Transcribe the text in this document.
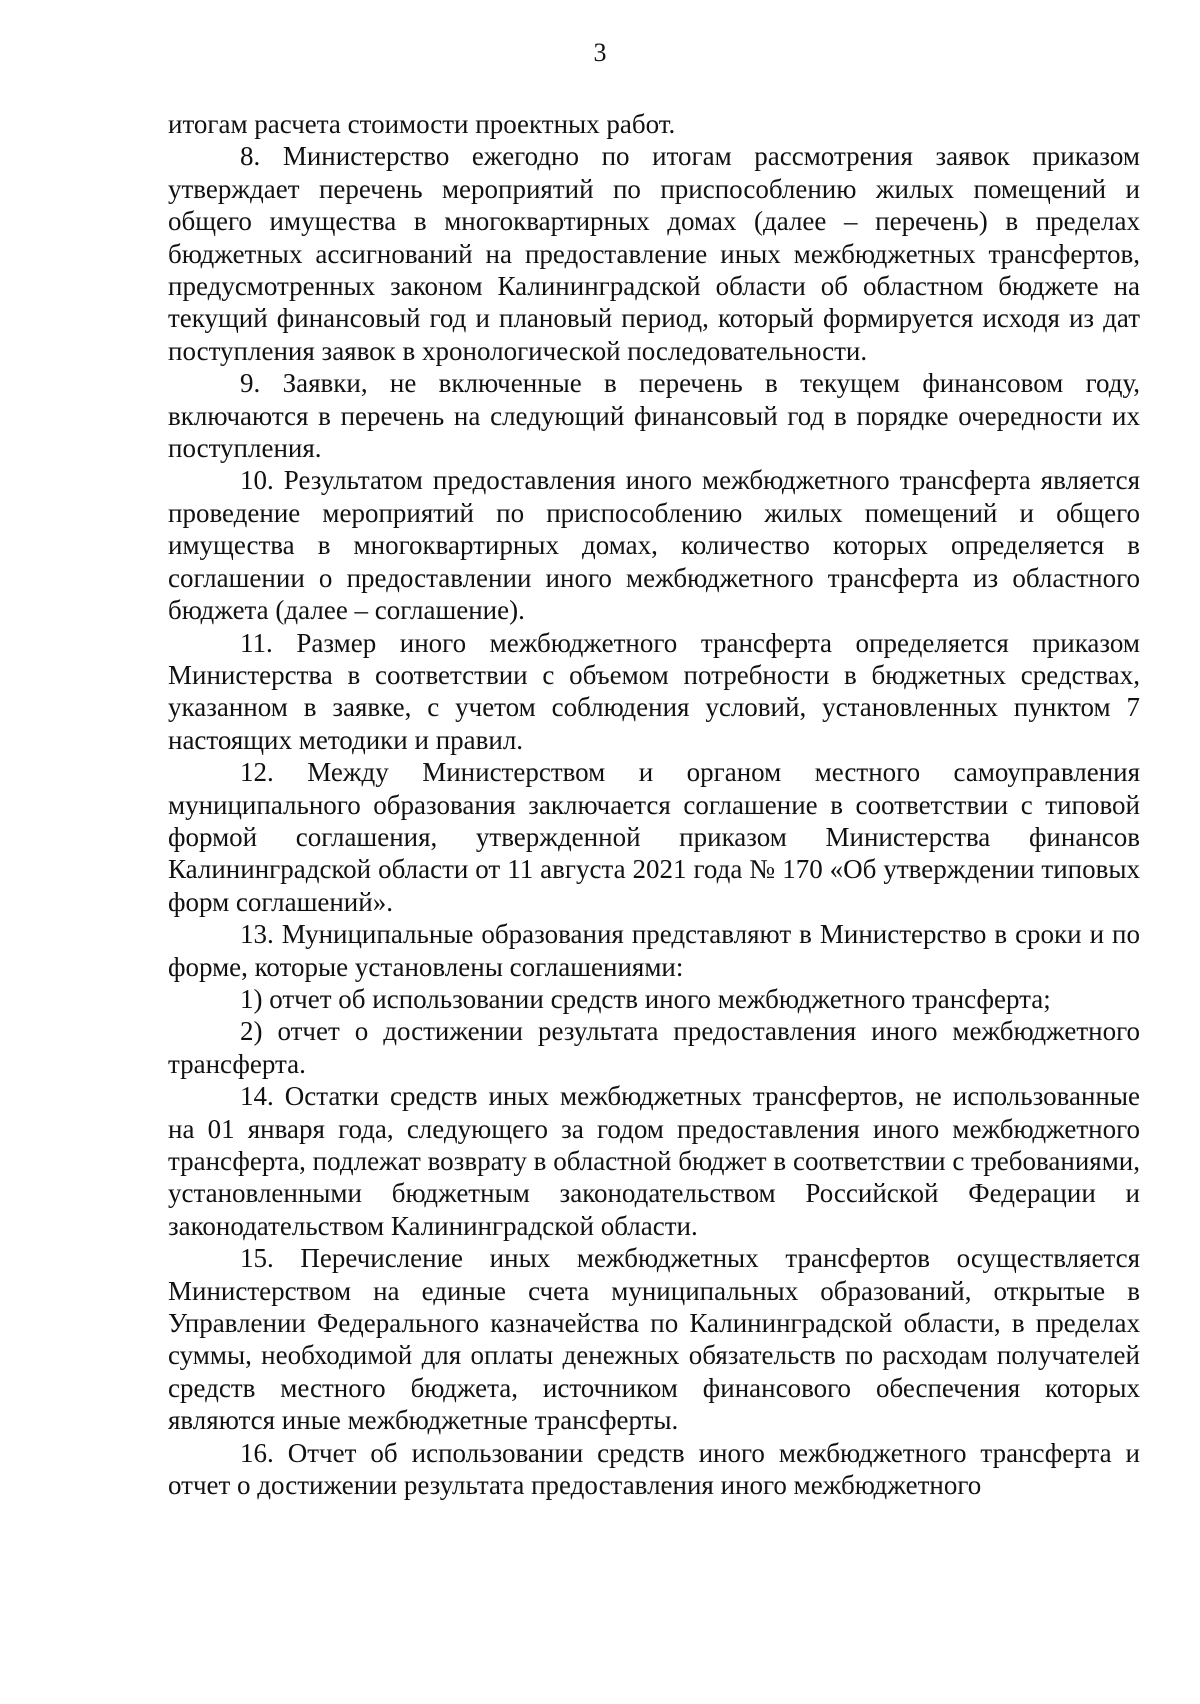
3

итогам расчета стоимости проектных работ.

8. Министерство ежегодно по итогам рассмотрения заявок приказом утверждает перечень мероприятий по приспособлению жилых помещений и общего имущества в многоквартирных домах (далее – перечень) в пределах бюджетных ассигнований на предоставление иных межбюджетных трансфертов, предусмотренных законом Калининградской области об областном бюджете на текущий финансовый год и плановый период, который формируется исходя из дат поступления заявок в хронологической последовательности.

9. Заявки, не включенные в перечень в текущем финансовом году, включаются в перечень на следующий финансовый год в порядке очередности их поступления.

10. Результатом предоставления иного межбюджетного трансферта является проведение мероприятий по приспособлению жилых помещений и общего имущества в многоквартирных домах, количество которых определяется в соглашении о предоставлении иного межбюджетного трансферта из областного бюджета (далее – соглашение).

11. Размер иного межбюджетного трансферта определяется приказом Министерства в соответствии с объемом потребности в бюджетных средствах, указанном в заявке, с учетом соблюдения условий, установленных пунктом 7 настоящих методики и правил.

12. Между Министерством и органом местного самоуправления муниципального образования заключается соглашение в соответствии с типовой формой соглашения, утвержденной приказом Министерства финансов Калининградской области от 11 августа 2021 года № 170 «Об утверждении типовых форм соглашений».

13. Муниципальные образования представляют в Министерство в сроки и по форме, которые установлены соглашениями:

1) отчет об использовании средств иного межбюджетного трансферта;

2) отчет о достижении результата предоставления иного межбюджетного трансферта.

14. Остатки средств иных межбюджетных трансфертов, не использованные на 01 января года, следующего за годом предоставления иного межбюджетного трансферта, подлежат возврату в областной бюджет в соответствии с требованиями, установленными бюджетным законодательством Российской Федерации и законодательством Калининградской области.

15. Перечисление иных межбюджетных трансфертов осуществляется Министерством на единые счета муниципальных образований, открытые в Управлении Федерального казначейства по Калининградской области, в пределах суммы, необходимой для оплаты денежных обязательств по расходам получателей средств местного бюджета, источником финансового обеспечения которых являются иные межбюджетные трансферты.

16. Отчет об использовании средств иного межбюджетного трансферта и отчет о достижении результата предоставления иного межбюджетного
